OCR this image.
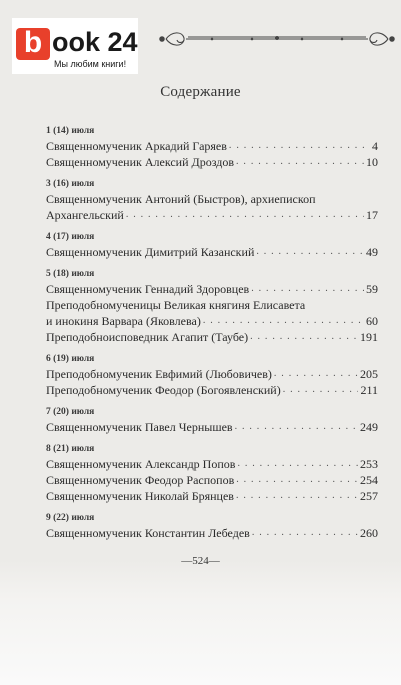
b ook 24
Мы любим книги!
Содержание
1 (14) июля
Священномученик Аркадий Гаряев . . .	4
Священномученик Алексий Дроздов . . .	10
3 (16) июля
Священномученик Антоний (Быстров), архиепископ
Архангельский . . .	17
4 (17) июля
Священномученик Димитрий Казанский . . .	49
5 (18) июля
Священномученик Геннадий Здоровцев . . .	59
Преподобномученицы Великая княгиня Елисавета
и инокиня Варвара (Яковлева) . . .	60
Преподобноисповедник Агапит (Таубе) . . .	191
6 (19) июля
Преподобномученик Евфимий (Любовичев) . . .	205
Преподобномученик Феодор (Богоявленский) . . .	211
7 (20) июля
Священномученик Павел Чернышев . . .	249
8 (21) июля
Священномученик Александр Попов . . .	253
Священномученик Феодор Распопов . . .	254
Священномученик Николай Брянцев . . .	257
9 (22) июля
Священномученик Константин Лебедев . . .	260
—524—
